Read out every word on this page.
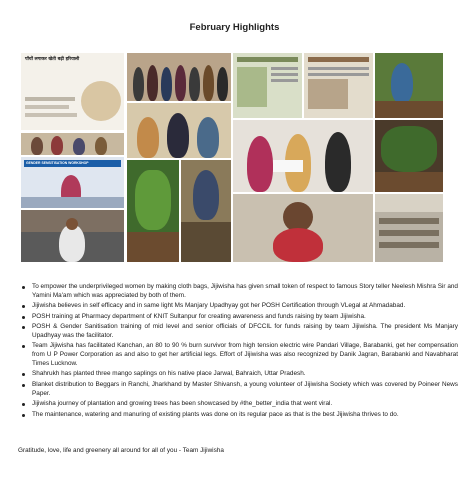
February Highlights
पॉचों लगाकर खेती बढ़ी हरियाली
GENDER SENSITISATION WORKSHOP
To empower the underprivileged women by making cloth bags, Jijiwisha has given small token of respect to famous Story teller Neelesh Mishra Sir and Yamini Ma'am which was appreciated by both of them.
Jijiwisha believes in self efficacy and in same light Ms Manjary Upadhyay got her POSH Certification through VLegal at Ahmadabad.
POSH training at Pharmacy department of KNIT Sultanpur for creating awareness and funds raising by team Jijiwisha.
POSH & Gender Sanitisation training of mid level and senior officials of DFCCIL for funds raising by team Jijiwisha. The president Ms Manjary Upadhyay was the facilitator.
Team Jijiwisha has facilitated Kanchan, an 80 to 90 % burn survivor from high tension electric wire Pandari Village, Barabanki, get her compensation from U P Power Corporation as and also to get her artificial legs. Effort of Jijiwisha was also recognized by Danik Jagran, Barabanki and Navabharat Times Lucknow.
Shahrukh has planted three mango saplings on his native place Jarwal, Bahraich, Uttar Pradesh.
Blanket distribution to Beggars in Ranchi, Jharkhand by Master Shivansh, a young volunteer of Jijiwisha Society which was covered by Poineer News Paper.
Jijiwisha journey of plantation and growing trees has been showcased by #the_better_india that went viral.
The maintenance, watering and manuring of existing plants was done on its regular pace as that is the best Jijiwisha thrives to do.
Gratitude, love, life and greenery all around for all of you - Team Jijiwisha
